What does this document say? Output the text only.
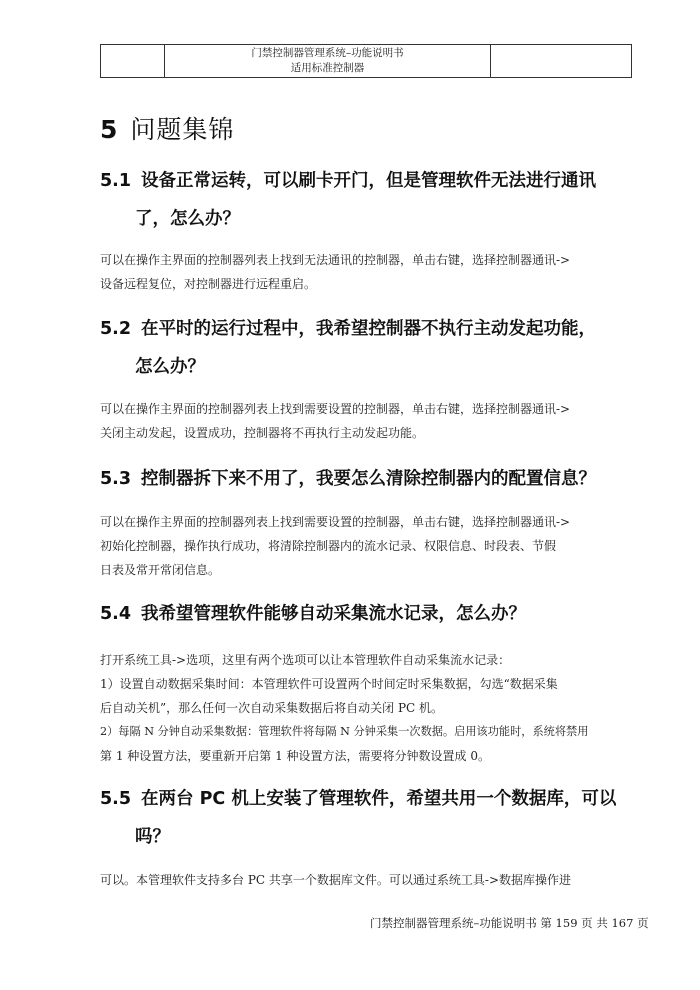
门禁控制器管理系统–功能说明书
适用标准控制器

5 问题集锦
5.1 设备正常运转，可以刷卡开门，但是管理软件无法进行通讯
了，怎么办？
可以在操作主界面的控制器列表上找到无法通讯的控制器，单击右键，选择控制器通讯->
设备远程复位，对控制器进行远程重启。
5.2 在平时的运行过程中，我希望控制器不执行主动发起功能，
怎么办？
可以在操作主界面的控制器列表上找到需要设置的控制器，单击右键，选择控制器通讯->
关闭主动发起，设置成功，控制器将不再执行主动发起功能。
5.3 控制器拆下来不用了，我要怎么清除控制器内的配置信息？
可以在操作主界面的控制器列表上找到需要设置的控制器，单击右键，选择控制器通讯->
初始化控制器，操作执行成功，将清除控制器内的流水记录、权限信息、时段表、节假
日表及常开常闭信息。
5.4 我希望管理软件能够自动采集流水记录，怎么办？
打开系统工具->选项，这里有两个选项可以让本管理软件自动采集流水记录：
1）设置自动数据采集时间：本管理软件可设置两个时间定时采集数据，勾选“数据采集
后自动关机”，那么任何一次自动采集数据后将自动关闭 PC 机。
2）每隔 N 分钟自动采集数据：管理软件将每隔 N 分钟采集一次数据。启用该功能时，系统将禁用
第 1 种设置方法，要重新开启第 1 种设置方法，需要将分钟数设置成 0。
5.5 在两台 PC 机上安装了管理软件，希望共用一个数据库，可以
吗？
可以。本管理软件支持多台 PC 共享一个数据库文件。可以通过系统工具->数据库操作进
门禁控制器管理系统–功能说明书 第 159 页 共 167 页
